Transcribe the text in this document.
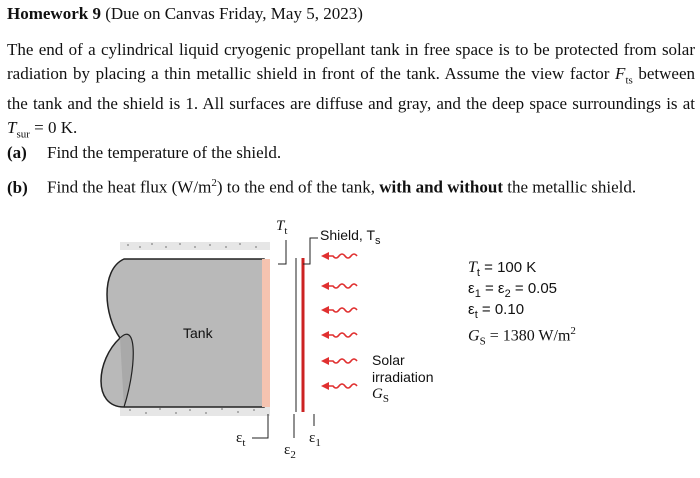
Homework 9 (Due on Canvas Friday, May 5, 2023)
The end of a cylindrical liquid cryogenic propellant tank in free space is to be protected from solar radiation by placing a thin metallic shield in front of the tank. Assume the view factor $F_{ts}$ between the tank and the shield is 1. All surfaces are diffuse and gray, and the deep space surroundings is at $T_{sur} = 0$ K.
(a) Find the temperature of the shield.
(b) Find the heat flux $(W/m^2)$ to the end of the tank, with and without the metallic shield.
Tank
$T_t$ Shield, $T_s$
Solar
irradiation
$G_S$
$\varepsilon_t$	$\varepsilon_2$
$\varepsilon_1$
$T_t = 100$ K
$\varepsilon_1 = \varepsilon_2 = 0.05$
$\varepsilon_t = 0.10$
$G_S = 1380$ $W/m^2$
